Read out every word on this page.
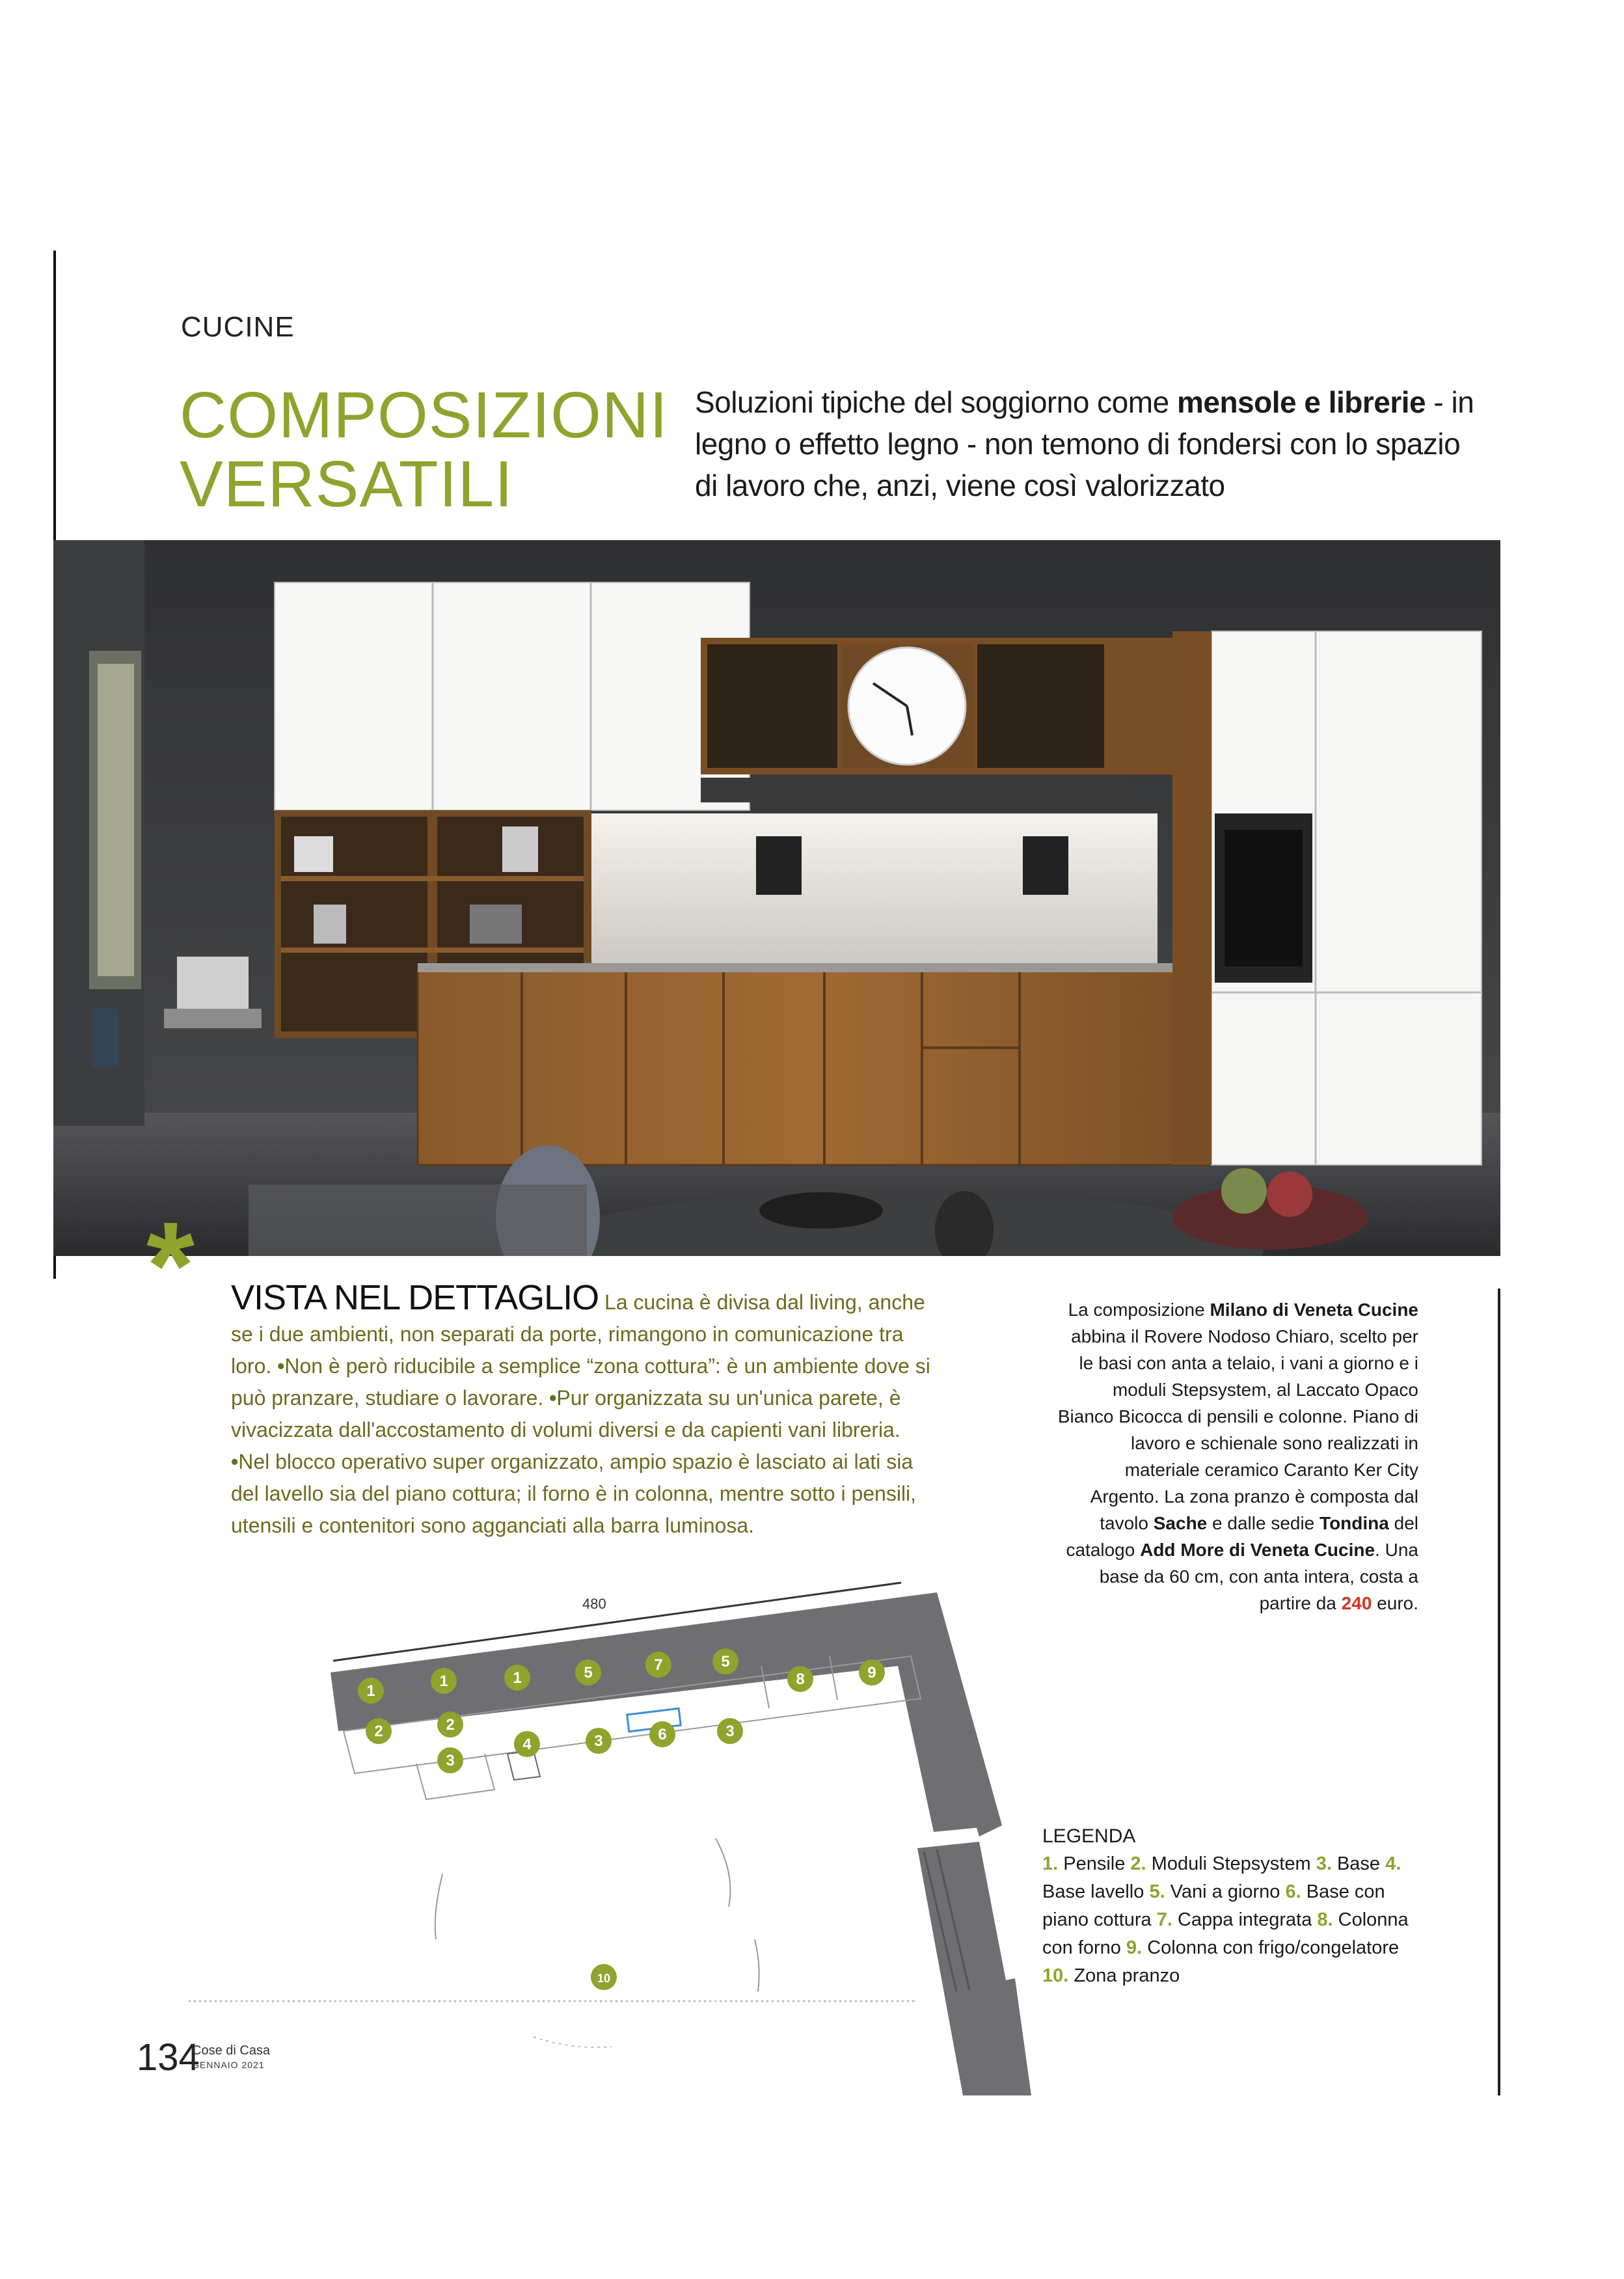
CUCINE
COMPOSIZIONI
VERSATILI
Soluzioni tipiche del soggiorno come mensole e librerie - in legno o effetto legno - non temono di fondersi con lo spazio di lavoro che, anzi, viene così valorizzato
* VISTA NEL DETTAGLIO La cucina è divisa dal living, anche se i due ambienti, non separati da porte, rimangono in comunicazione tra loro. •Non è però riducibile a semplice “zona cottura”: è un ambiente dove si può pranzare, studiare o lavorare. •Pur organizzata su un'unica parete, è vivacizzata dall'accostamento di volumi diversi e da capienti vani libreria. •Nel blocco operativo super organizzato, ampio spazio è lasciato ai lati sia del lavello sia del piano cottura; il forno è in colonna, mentre sotto i pensili, utensili e contenitori sono agganciati alla barra luminosa.
La composizione Milano di Veneta Cucine abbina il Rovere Nodoso Chiaro, scelto per le basi con anta a telaio, i vani a giorno e i moduli Stepsystem, al Laccato Opaco Bianco Bicocca di pensili e colonne. Piano di lavoro e schienale sono realizzati in materiale ceramico Caranto Ker City Argento. La zona pranzo è composta dal tavolo Sache e dalle sedie Tondina del catalogo Add More di Veneta Cucine. Una base da 60 cm, con anta intera, costa a partire da 240 euro.
480
1
1	1	5	7	5
8	9
2	2
3
4	3	6	3
10
LEGENDA
1. Pensile 2. Moduli Stepsystem 3. Base 4. Base lavello 5. Vani a giorno 6. Base con piano cottura 7. Cappa integrata 8. Colonna con forno 9. Colonna con frigo/congelatore 10. Zona pranzo
134
Cose di Casa
GENNAIO 2021
